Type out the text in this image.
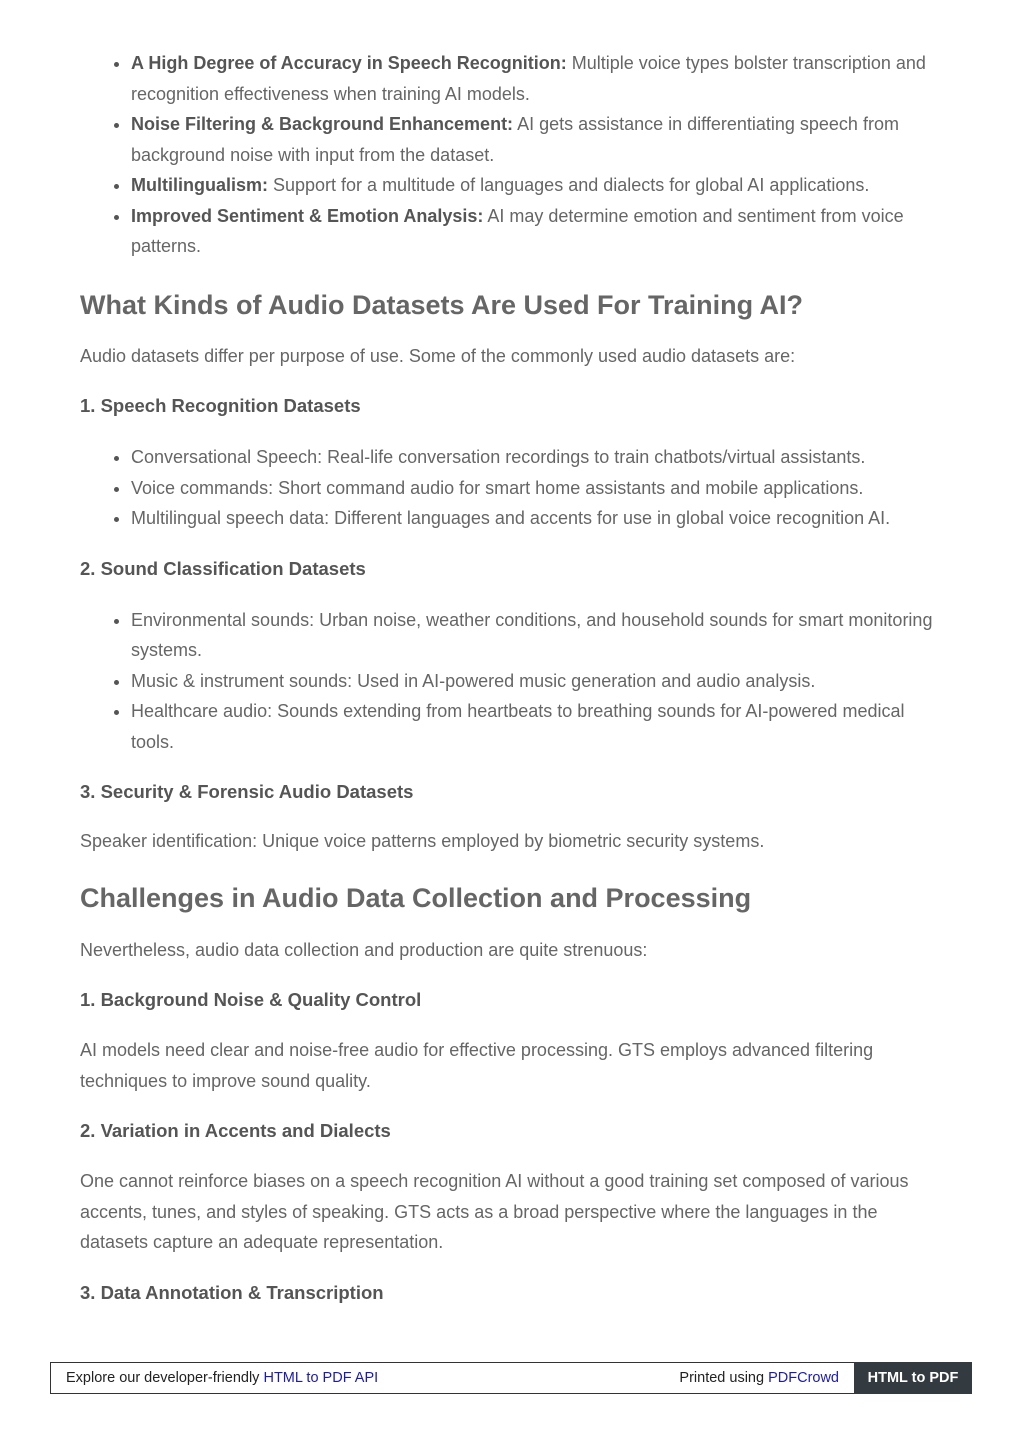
• A High Degree of Accuracy in Speech Recognition: Multiple voice types bolster transcription and recognition effectiveness when training AI models.
• Noise Filtering & Background Enhancement: AI gets assistance in differentiating speech from background noise with input from the dataset.
• Multilingualism: Support for a multitude of languages and dialects for global AI applications.
• Improved Sentiment & Emotion Analysis: AI may determine emotion and sentiment from voice patterns.
What Kinds of Audio Datasets Are Used For Training AI?

Audio datasets differ per purpose of use. Some of the commonly used audio datasets are:

1. Speech Recognition Datasets
• Conversational Speech: Real-life conversation recordings to train chatbots/virtual assistants.
• Voice commands: Short command audio for smart home assistants and mobile applications.
• Multilingual speech data: Different languages and accents for use in global voice recognition AI.
2. Sound Classification Datasets
• Environmental sounds: Urban noise, weather conditions, and household sounds for smart monitoring systems.
• Music & instrument sounds: Used in AI-powered music generation and audio analysis.
• Healthcare audio: Sounds extending from heartbeats to breathing sounds for AI-powered medical tools.
3. Security & Forensic Audio Datasets

Speaker identification: Unique voice patterns employed by biometric security systems.

Challenges in Audio Data Collection and Processing

Nevertheless, audio data collection and production are quite strenuous:

1. Background Noise & Quality Control

AI models need clear and noise-free audio for effective processing. GTS employs advanced filtering techniques to improve sound quality.

2. Variation in Accents and Dialects

One cannot reinforce biases on a speech recognition AI without a good training set composed of various accents, tunes, and styles of speaking. GTS acts as a broad perspective where the languages in the datasets capture an adequate representation.

3. Data Annotation & Transcription
Explore our developer-friendly HTML to PDF API	Printed using PDFCrowd	HTML to PDF
